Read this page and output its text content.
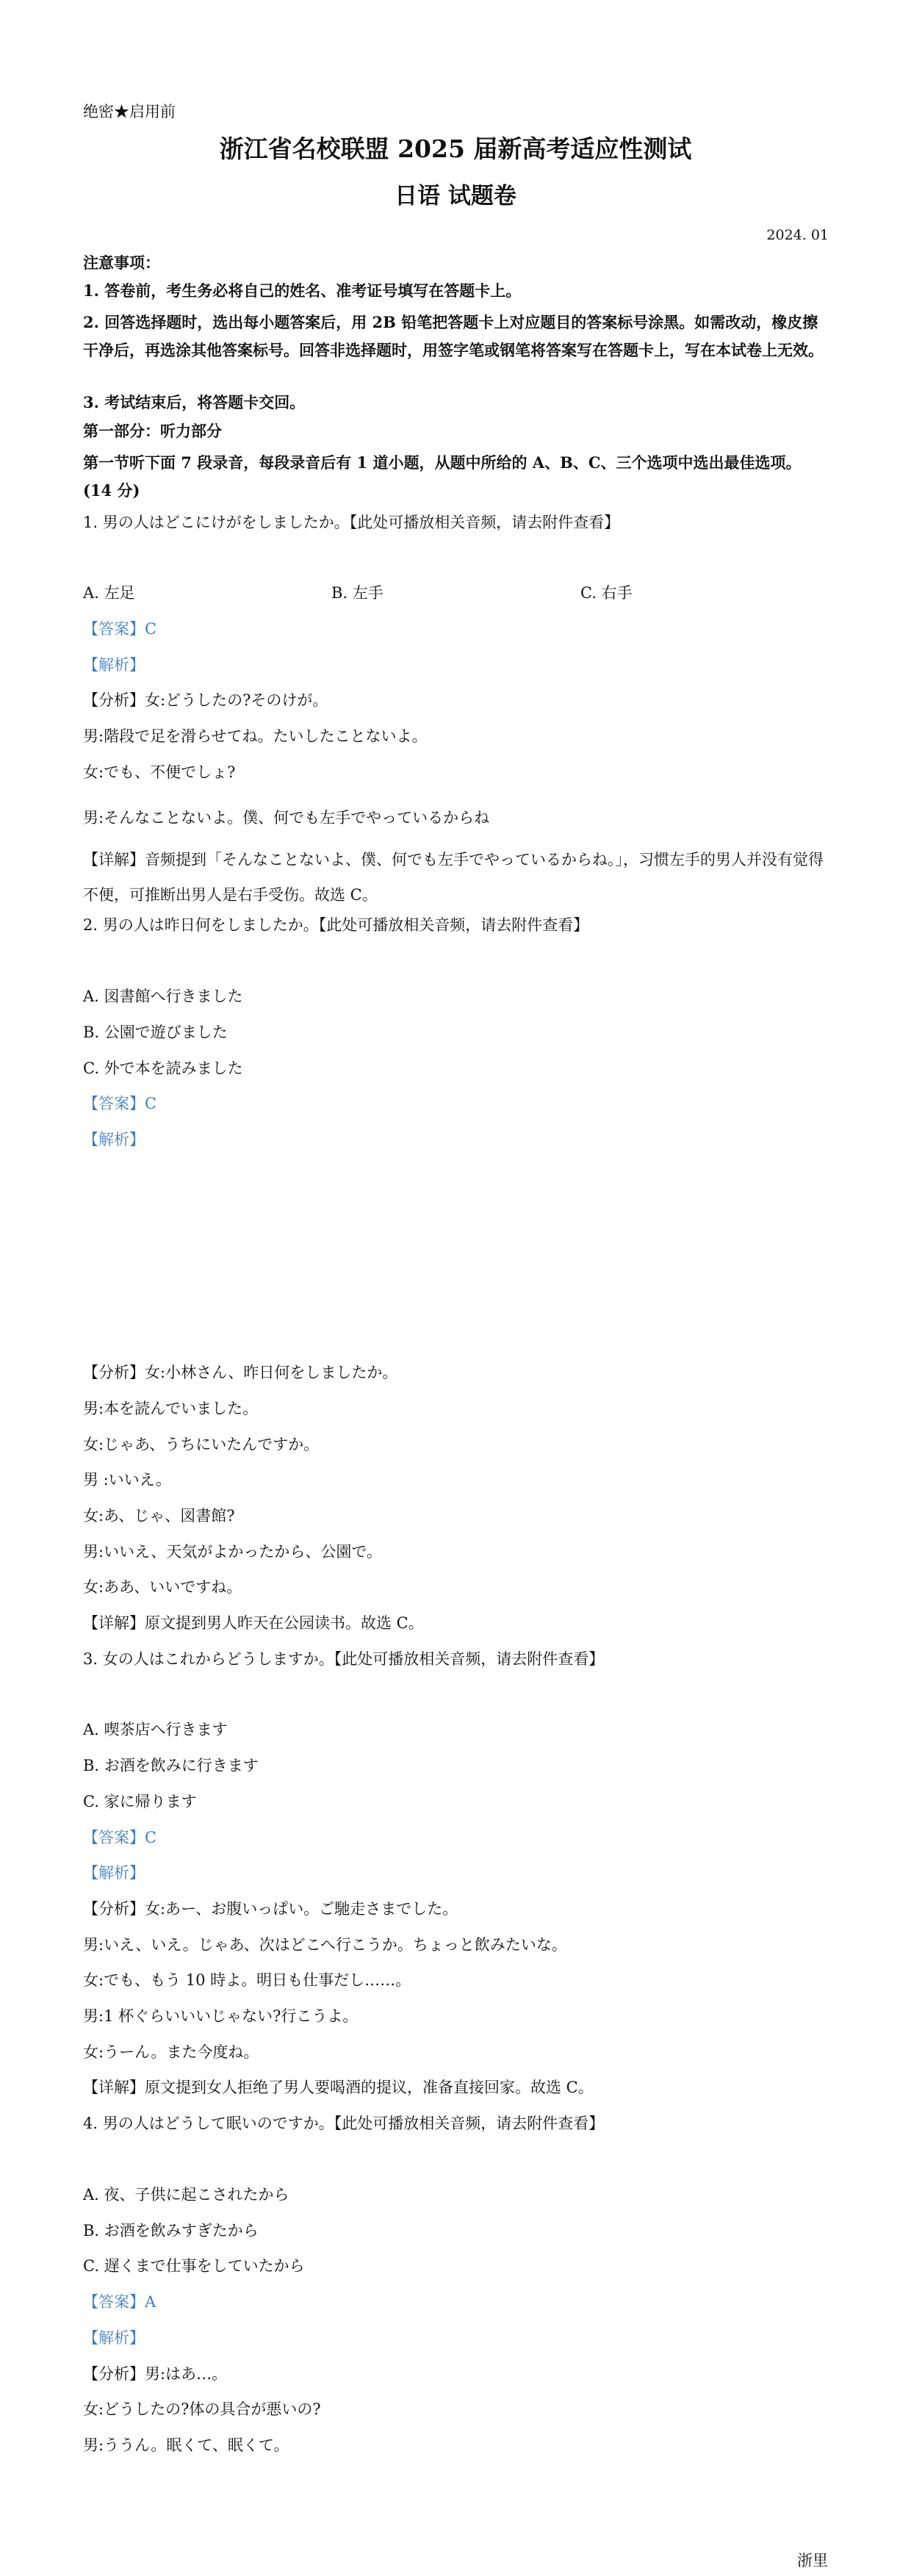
绝密★启用前
浙江省名校联盟 2025 届新高考适应性测试
日语 试题卷
2024. 01
注意事项：
1. 答卷前，考生务必将自己的姓名、准考证号填写在答题卡上。
2. 回答选择题时，选出每小题答案后，用 2B 铅笔把答题卡上对应题目的答案标号涂黑。如需改动，橡皮擦干净后，再选涂其他答案标号。回答非选择题时，用签字笔或钢笔将答案写在答题卡上，写在本试卷上无效。
3. 考试结束后，将答题卡交回。
第一部分：听力部分
第一节听下面 7 段录音，每段录音后有 1 道小题，从题中所给的 A、B、C、三个选项中选出最佳选项。(14 分)
1. 男の人はどこにけがをしましたか。【此处可播放相关音频，请去附件查看】
A. 左足	B. 左手	C. 右手
【答案】C
【解析】
【分析】女:どうしたの?そのけが。
男:階段で足を滑らせてね。たいしたことないよ。
女:でも、不便でしょ?
男:そんなことないよ。僕、何でも左手でやっているからね
【详解】音频提到「そんなことないよ、僕、何でも左手でやっているからね。」，习惯左手的男人并没有觉得不便，可推断出男人是右手受伤。故选 C。
2. 男の人は昨日何をしましたか。【此处可播放相关音频，请去附件查看】
A. 図書館へ行きました
B. 公園で遊びました
C. 外で本を読みました
【答案】C
【解析】
【分析】女:小林さん、昨日何をしましたか。
男:本を読んでいました。
女:じゃあ、うちにいたんですか。
男 :いいえ。
女:あ、じゃ、図書館?
男:いいえ、天気がよかったから、公園で。
女:ああ、いいですね。
【详解】原文提到男人昨天在公园读书。故选 C。
3. 女の人はこれからどうしますか。【此处可播放相关音频，请去附件查看】
A. 喫茶店へ行きます
B. お酒を飲みに行きます
C. 家に帰ります
【答案】C
【解析】
【分析】女:あー、お腹いっぱい。ご馳走さまでした。
男:いえ、いえ。じゃあ、次はどこへ行こうか。ちょっと飲みたいな。
女:でも、もう 10 時よ。明日も仕事だし……。
男:1 杯ぐらいいいじゃない?行こうよ。
女:うーん。また今度ね。
【详解】原文提到女人拒绝了男人要喝酒的提议，准备直接回家。故选 C。
4. 男の人はどうして眠いのですか。【此处可播放相关音频，请去附件查看】
A. 夜、子供に起こされたから
B. お酒を飲みすぎたから
C. 遅くまで仕事をしていたから
【答案】A
【解析】
【分析】男:はあ…。
女:どうしたの?体の具合が悪いの?
男:ううん。眠くて、眠くて。
浙里
